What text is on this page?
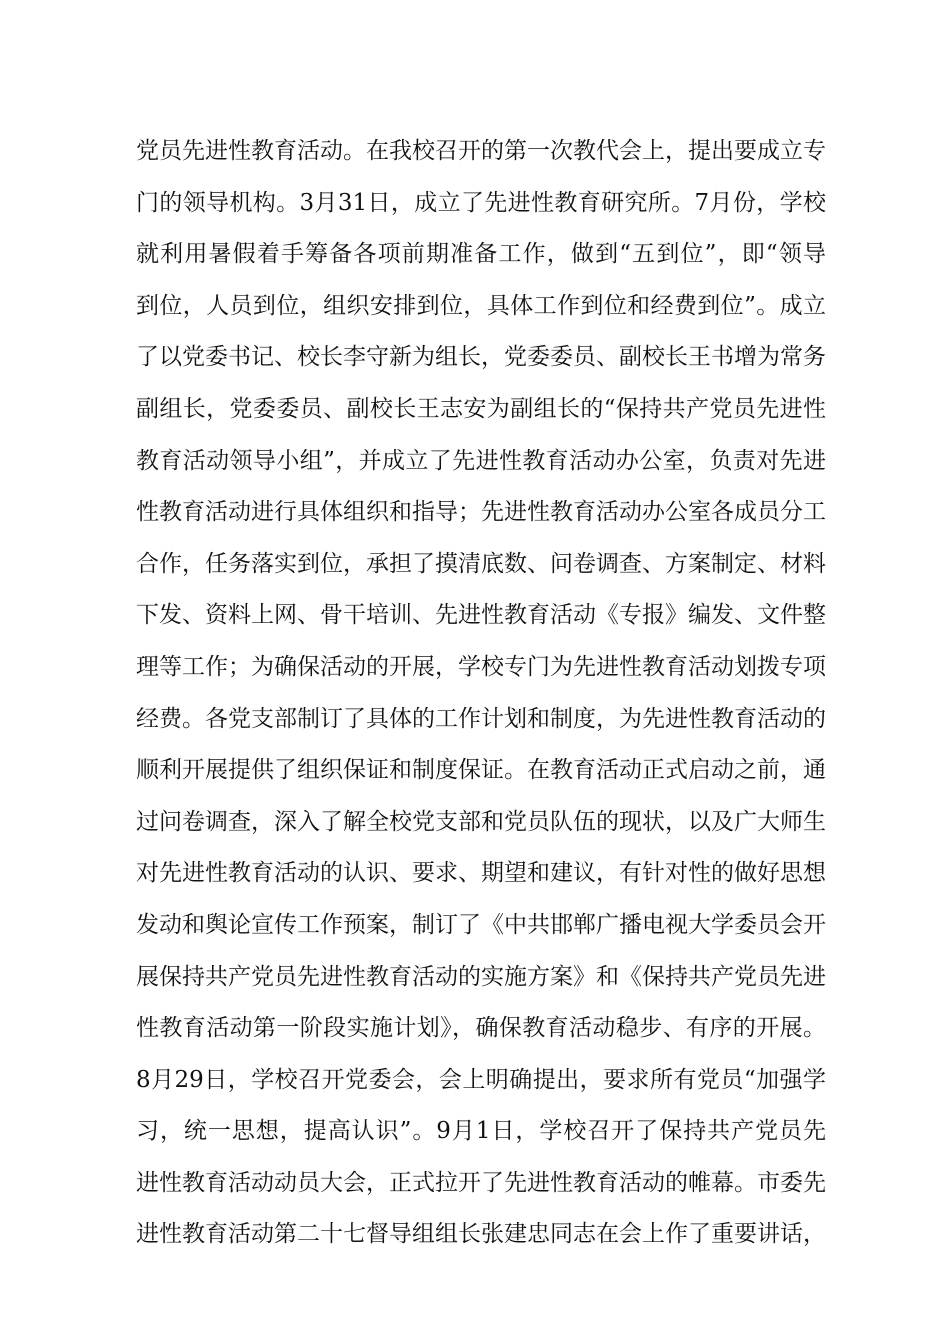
党员先进性教育活动。在我校召开的第一次教代会上，提出要成立专
门的领导机构。3月31日，成立了先进性教育研究所。7月份，学校
就利用暑假着手筹备各项前期准备工作，做到“五到位”，即“领导
到位，人员到位，组织安排到位，具体工作到位和经费到位”。成立
了以党委书记、校长李守新为组长，党委委员、副校长王书增为常务
副组长，党委委员、副校长王志安为副组长的“保持共产党员先进性
教育活动领导小组”，并成立了先进性教育活动办公室，负责对先进
性教育活动进行具体组织和指导；先进性教育活动办公室各成员分工
合作，任务落实到位，承担了摸清底数、问卷调查、方案制定、材料
下发、资料上网、骨干培训、先进性教育活动《专报》编发、文件整
理等工作；为确保活动的开展，学校专门为先进性教育活动划拨专项
经费。各党支部制订了具体的工作计划和制度，为先进性教育活动的
顺利开展提供了组织保证和制度保证。在教育活动正式启动之前，通
过问卷调查，深入了解全校党支部和党员队伍的现状，以及广大师生
对先进性教育活动的认识、要求、期望和建议，有针对性的做好思想
发动和舆论宣传工作预案，制订了《中共邯郸广播电视大学委员会开
展保持共产党员先进性教育活动的实施方案》和《保持共产党员先进
性教育活动第一阶段实施计划》，确保教育活动稳步、有序的开展。
8月29日，学校召开党委会，会上明确提出，要求所有党员“加强学
习，统一思想，提高认识”。9月1日，学校召开了保持共产党员先
进性教育活动动员大会，正式拉开了先进性教育活动的帷幕。市委先
进性教育活动第二十七督导组组长张建忠同志在会上作了重要讲话，
